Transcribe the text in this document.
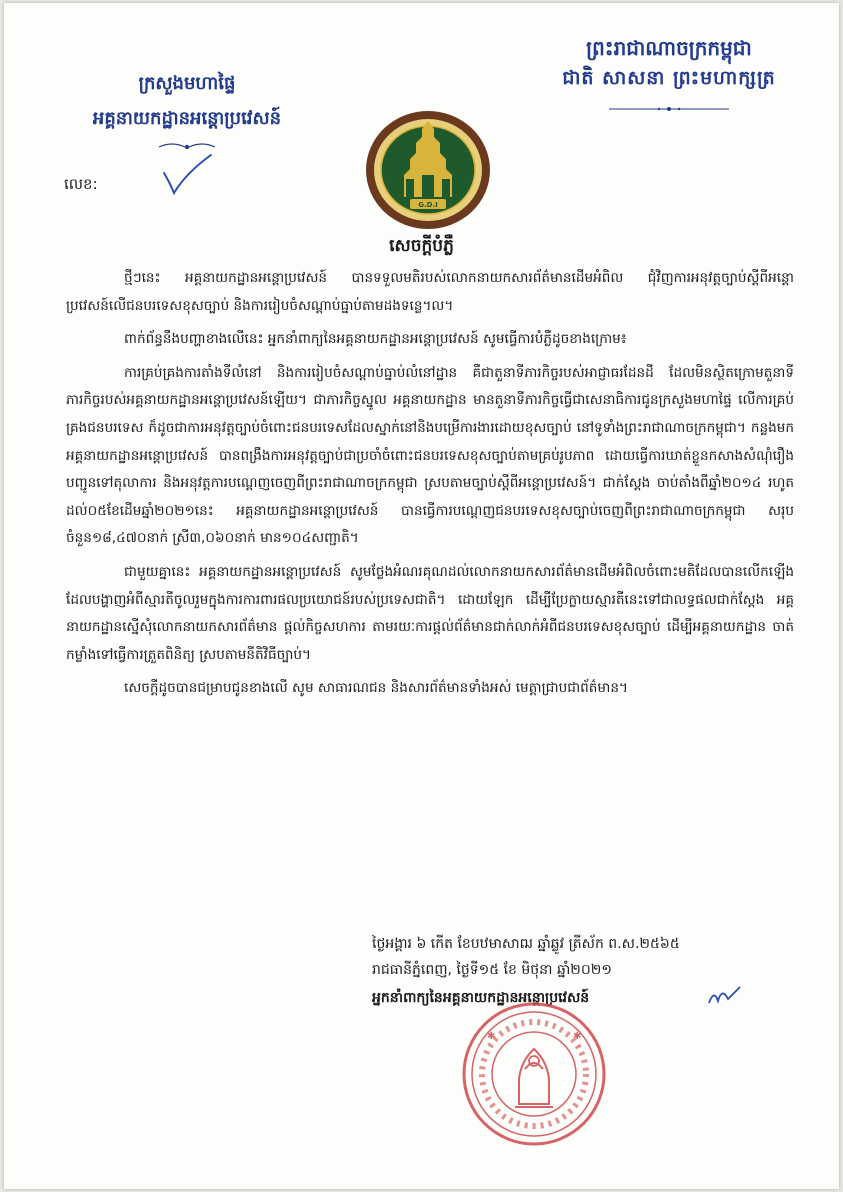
ព្រះរាជាណាចក្រកម្ពុជា
ជាតិ សាសនា ព្រះមហាក្សត្រ
ក្រសួងមហាផ្ទៃ
អគ្គនាយកដ្ឋានអន្តោប្រវេសន៍
លេខ:
G.D.I
សេចក្ដីបំភ្លឺ

ថ្មីៗនេះ អគ្គនាយកដ្ឋានអន្តោប្រវេសន៍ បានទទួលមតិរបស់លោកនាយកសារព័ត៌មានដើមអំពិល ជុំវិញការអនុវត្តច្បាប់ស្ដីពីអន្តោប្រវេសន៍លើជនបរទេសខុសច្បាប់ និងការរៀបចំសណ្ដាប់ធ្នាប់តាមដងទន្លេ។ល។

ពាក់ព័ន្ធនឹងបញ្ហាខាងលើនេះ អ្នកនាំពាក្យនៃអគ្គនាយកដ្ឋានអន្តោប្រវេសន៍ សូមធ្វើការបំភ្លឺដូចខាងក្រោម៖

ការគ្រប់គ្រងការតាំងទីលំនៅ និងការរៀបចំសណ្ដាប់ធ្នាប់លំនៅដ្ឋាន គឺជាតួនាទីភារកិច្ចរបស់អាជ្ញាធរដែនដី ដែលមិនស្ថិតក្រោមតួនាទីភារកិច្ចរបស់អគ្គនាយកដ្ឋានអន្តោប្រវេសន៍ឡើយ។ ជាភារកិច្ចស្នូល អគ្គនាយកដ្ឋាន មានតួនាទីភារកិច្ចធ្វើជាសេនាធិការជូនក្រសួងមហាផ្ទៃ លើការគ្រប់គ្រងជនបរទេស ក៏ដូចជាការអនុវត្តច្បាប់ចំពោះជនបរទេសដែលស្នាក់នៅនិងបម្រើការងារដោយខុសច្បាប់ នៅទូទាំងព្រះរាជាណាចក្រកម្ពុជា។ កន្លងមក អគ្គនាយកដ្ឋានអន្តោប្រវេសន៍ បានពង្រឹងការអនុវត្តច្បាប់ជាប្រចាំចំពោះជនបរទេសខុសច្បាប់តាមគ្រប់រូបភាព ដោយធ្វើការឃាត់ខ្លួនកសាងសំណុំរឿងបញ្ជូនទៅតុលាការ និងអនុវត្តការបណ្ដេញចេញពីព្រះរាជាណាចក្រកម្ពុជា ស្របតាមច្បាប់ស្ដីពីអន្តោប្រវេសន៍។ ជាក់ស្ដែង ចាប់តាំងពីឆ្នាំ២០១៤ រហូតដល់០៥ខែដើមឆ្នាំ២០២១នេះ អគ្គនាយកដ្ឋានអន្តោប្រវេសន៍ បានធ្វើការបណ្ដេញជនបរទេសខុសច្បាប់ចេញពីព្រះរាជាណាចក្រកម្ពុជា សរុបចំនួន១៨,៤៧០នាក់ ស្រី៣,០៦០នាក់ មាន១០៤សញ្ជាតិ។

ជាមួយគ្នានេះ អគ្គនាយកដ្ឋានអន្តោប្រវេសន៍ សូមថ្លែងអំណរគុណដល់លោកនាយកសារព័ត៌មានដើមអំពិលចំពោះមតិដែលបានលើកឡើង ដែលបង្ហាញអំពីស្មារតីចូលរួមក្នុងការការពារផលប្រយោជន៍របស់ប្រទេសជាតិ។ ដោយឡែក ដើម្បីប្រែក្លាយស្មារតីនេះទៅជាលទ្ធផលជាក់ស្ដែង អគ្គនាយកដ្ឋានស្នើសុំលោកនាយកសារព័ត៌មាន ផ្ដល់កិច្ចសហការ តាមរយៈការផ្ដល់ព័ត៌មានជាក់លាក់អំពីជនបរទេសខុសច្បាប់ ដើម្បីអគ្គនាយកដ្ឋាន ចាត់កម្លាំងទៅធ្វើការត្រួតពិនិត្យ ស្របតាមនីតិវិធីច្បាប់។

សេចក្ដីដូចបានជម្រាបជូនខាងលើ សូម សាធារណជន និងសារព័ត៌មានទាំងអស់ មេត្តាជ្រាបជាព័ត៌មាន។

ថ្ងៃអង្គារ ៦ កើត ខែបឋមាសាឍ ឆ្នាំឆ្លូវ ត្រីស័ក ព.ស.២៥៦៥
រាជធានីភ្នំពេញ, ថ្ងៃទី១៥ ខែ មិថុនា ឆ្នាំ២០២១
អ្នកនាំពាក្យនៃអគ្គនាយកដ្ឋានអន្តោប្រវេសន៍
✱	✱
